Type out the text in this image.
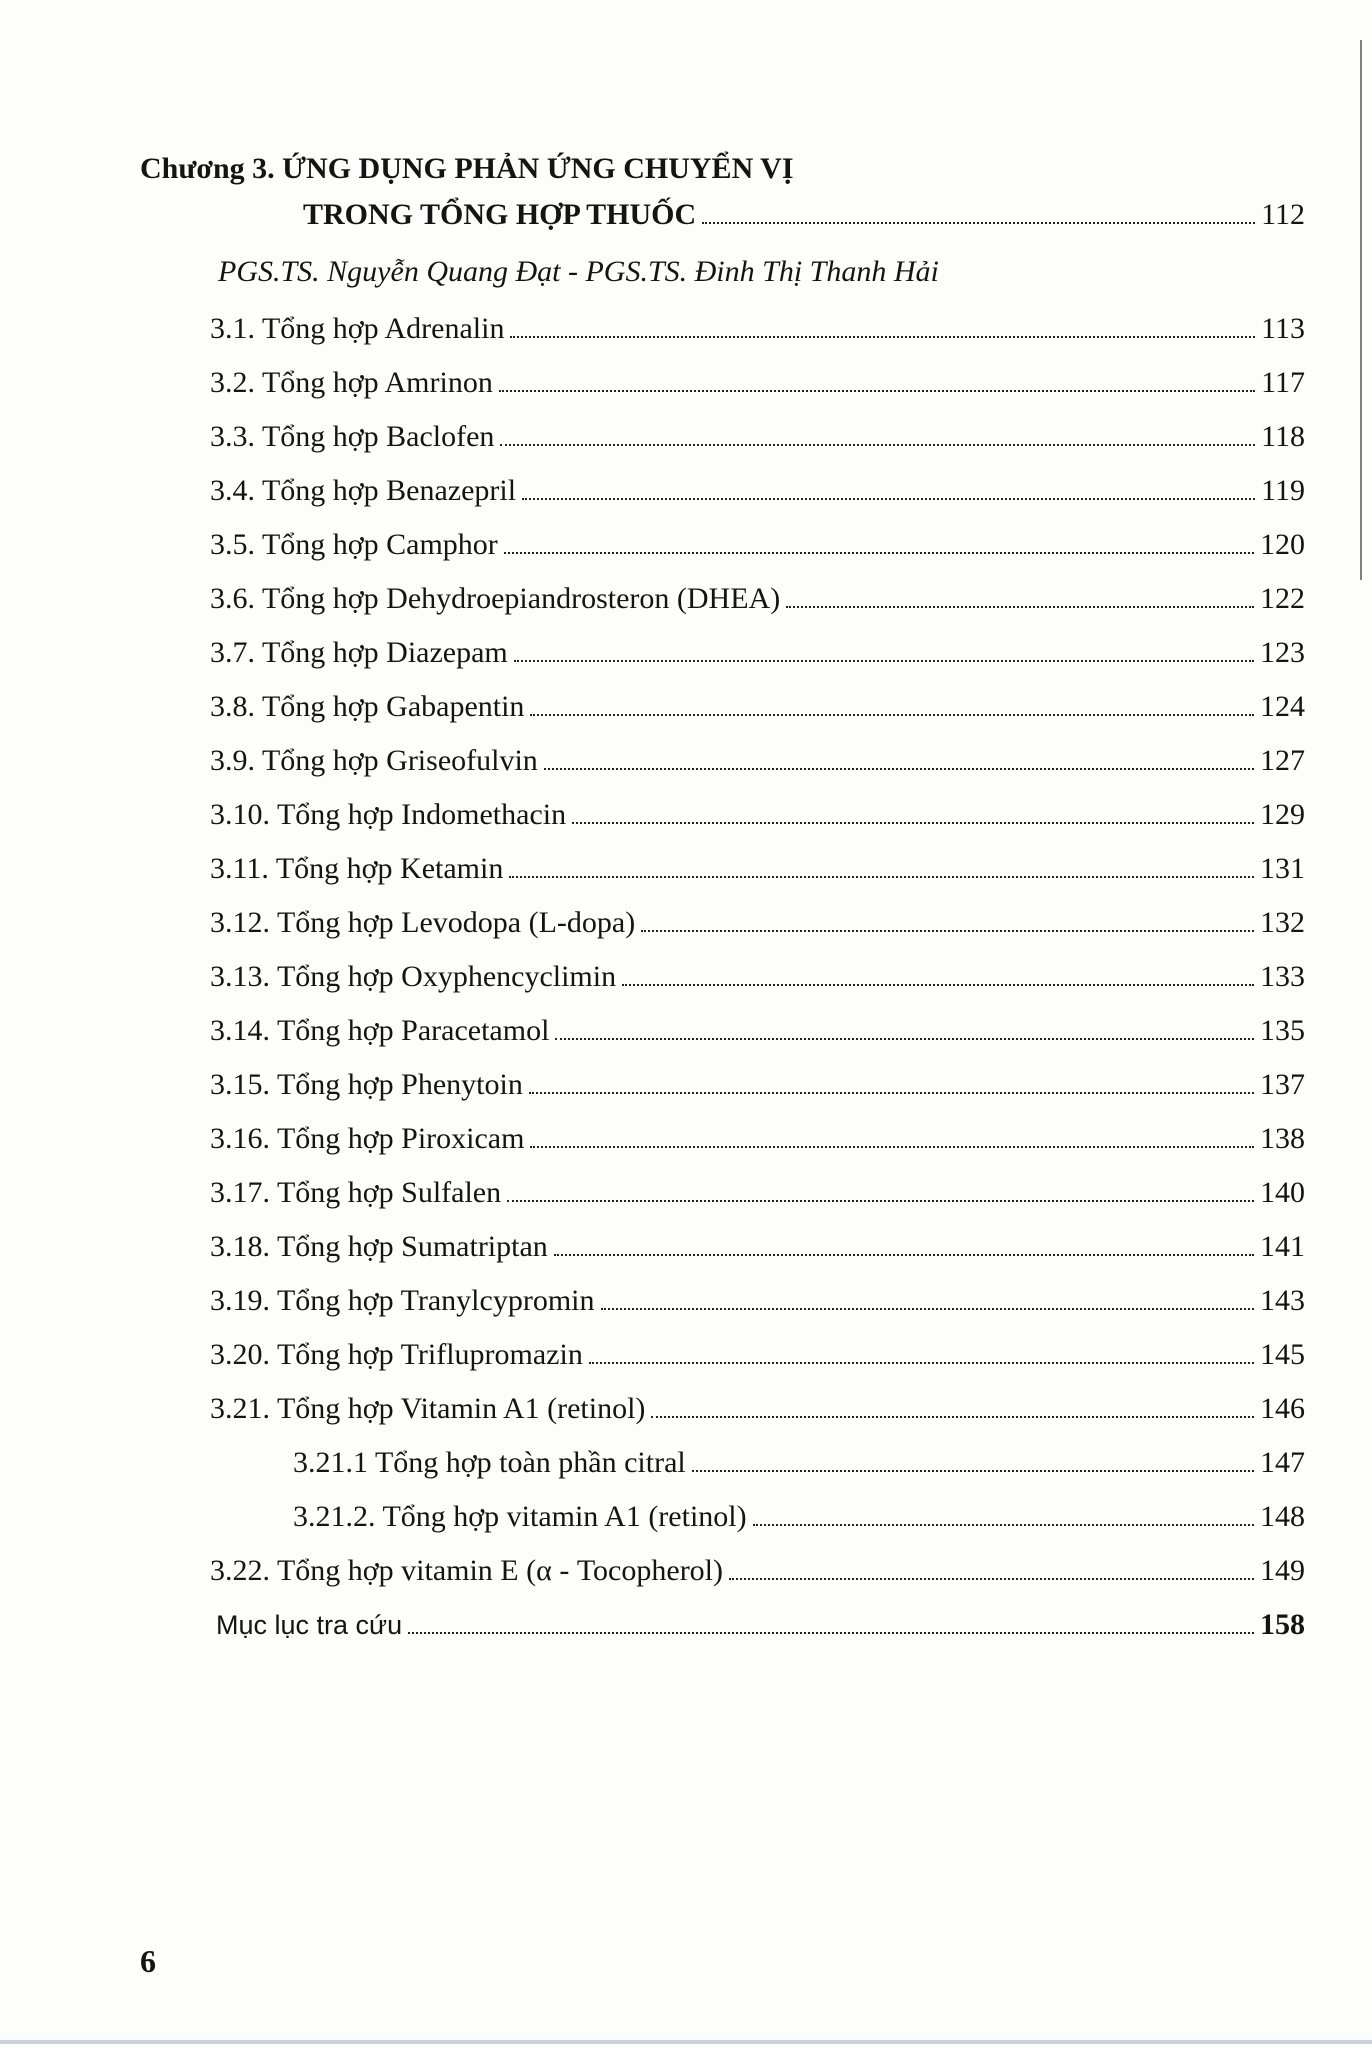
Chương 3. ỨNG DỤNG PHẢN ỨNG CHUYỂN VỊ
TRONG TỔNG HỢP THUỐC	112
PGS.TS. Nguyễn Quang Đạt - PGS.TS. Đinh Thị Thanh Hải
3.1. Tổng hợp Adrenalin	113
3.2. Tổng hợp Amrinon	117
3.3. Tổng hợp Baclofen	118
3.4. Tổng hợp Benazepril	119
3.5. Tổng hợp Camphor	120
3.6. Tổng hợp Dehydroepiandrosteron (DHEA)	122
3.7. Tổng hợp Diazepam	123
3.8. Tổng hợp Gabapentin	124
3.9. Tổng hợp Griseofulvin	127
3.10. Tổng hợp Indomethacin	129
3.11. Tổng hợp Ketamin	131
3.12. Tổng hợp Levodopa (L-dopa)	132
3.13. Tổng hợp Oxyphencyclimin	133
3.14. Tổng hợp Paracetamol	135
3.15. Tổng hợp Phenytoin	137
3.16. Tổng hợp Piroxicam	138
3.17. Tổng hợp Sulfalen	140
3.18. Tổng hợp Sumatriptan	141
3.19. Tổng hợp Tranylcypromin	143
3.20. Tổng hợp Triflupromazin	145
3.21. Tổng hợp Vitamin A1 (retinol)	146
3.21.1 Tổng hợp toàn phần citral	147
3.21.2. Tổng hợp vitamin A1 (retinol)	148
3.22. Tổng hợp vitamin E (α - Tocopherol)	149
Mục lục tra cứu	158
6
